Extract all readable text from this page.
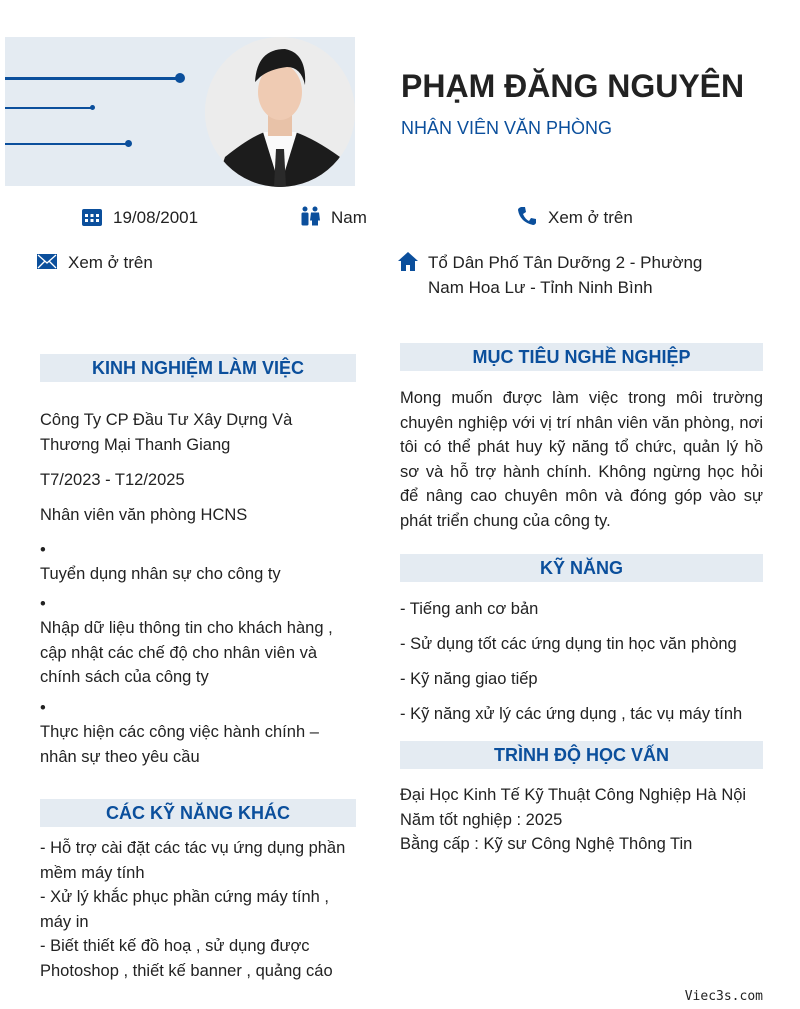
PHẠM ĐĂNG NGUYÊN
NHÂN VIÊN VĂN PHÒNG
19/08/2001	Nam	Xem ở trên
Xem ở trên	Tổ Dân Phố Tân Dưỡng 2 - Phường Nam Hoa Lư - Tỉnh Ninh Bình
KINH NGHIỆM LÀM VIỆC
Công Ty CP Đầu Tư Xây Dựng Và Thương Mại Thanh Giang
T7/2023 - T12/2025
Nhân viên văn phòng HCNS
•
Tuyển dụng nhân sự cho công ty
•
Nhập dữ liệu thông tin cho khách hàng , cập nhật các chế độ cho nhân viên và chính sách của công ty
•
Thực hiện các công việc hành chính – nhân sự theo yêu cầu
CÁC KỸ NĂNG KHÁC
- Hỗ trợ cài đặt các tác vụ ứng dụng phần mềm máy tính
- Xử lý khắc phục phần cứng máy tính , máy in
- Biết thiết kế đồ hoạ , sử dụng được Photoshop , thiết kế banner , quảng cáo
MỤC TIÊU NGHỀ NGHIỆP
Mong muốn được làm việc trong môi trường chuyên nghiệp với vị trí nhân viên văn phòng, nơi tôi có thể phát huy kỹ năng tổ chức, quản lý hồ sơ và hỗ trợ hành chính. Không ngừng học hỏi để nâng cao chuyên môn và đóng góp vào sự phát triển chung của công ty.
KỸ NĂNG
- Tiếng anh cơ bản
- Sử dụng tốt các ứng dụng tin học văn phòng
- Kỹ năng giao tiếp
- Kỹ năng xử lý các ứng dụng , tác vụ máy tính
TRÌNH ĐỘ HỌC VẤN
Đại Học Kinh Tế Kỹ Thuật Công Nghiệp Hà Nội
Năm tốt nghiệp : 2025
Bằng cấp : Kỹ sư Công Nghệ Thông Tin
Viec3s.com
